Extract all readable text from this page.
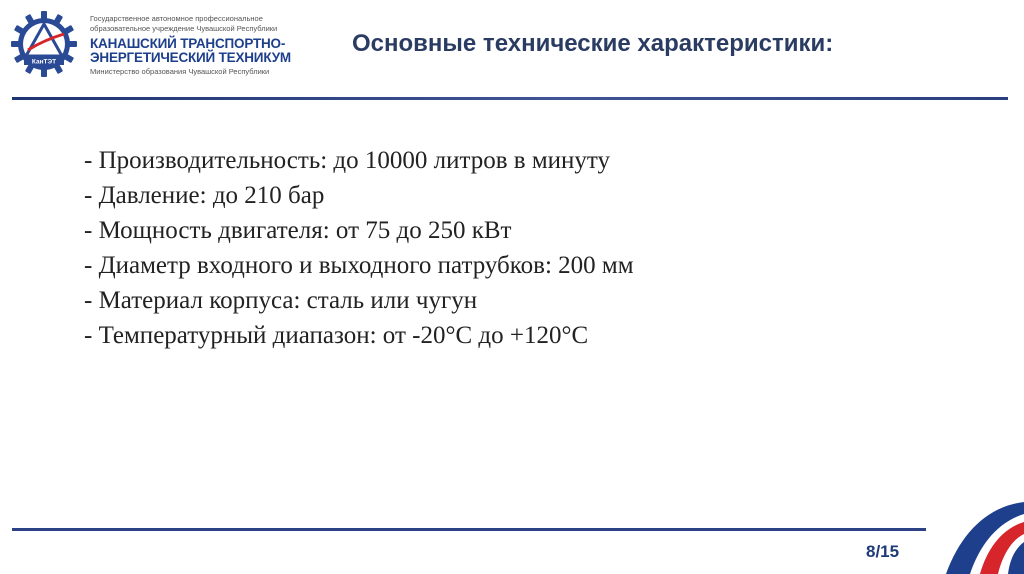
КанТЭТ
Государственное автономное профессиональное
образовательное учреждение Чувашской Республики
КАНАШСКИЙ ТРАНСПОРТНО-
ЭНЕРГЕТИЧЕСКИЙ ТЕХНИКУМ
Министерство образования Чувашской Республики
Основные технические характеристики:

- Производительность: до 10000 литров в минуту

- Давление: до 210 бар

- Мощность двигателя: от 75 до 250 кВт

- Диаметр входного и выходного патрубков: 200 мм

- Материал корпуса: сталь или чугун

- Температурный диапазон: от -20°С до +120°С

8/15
